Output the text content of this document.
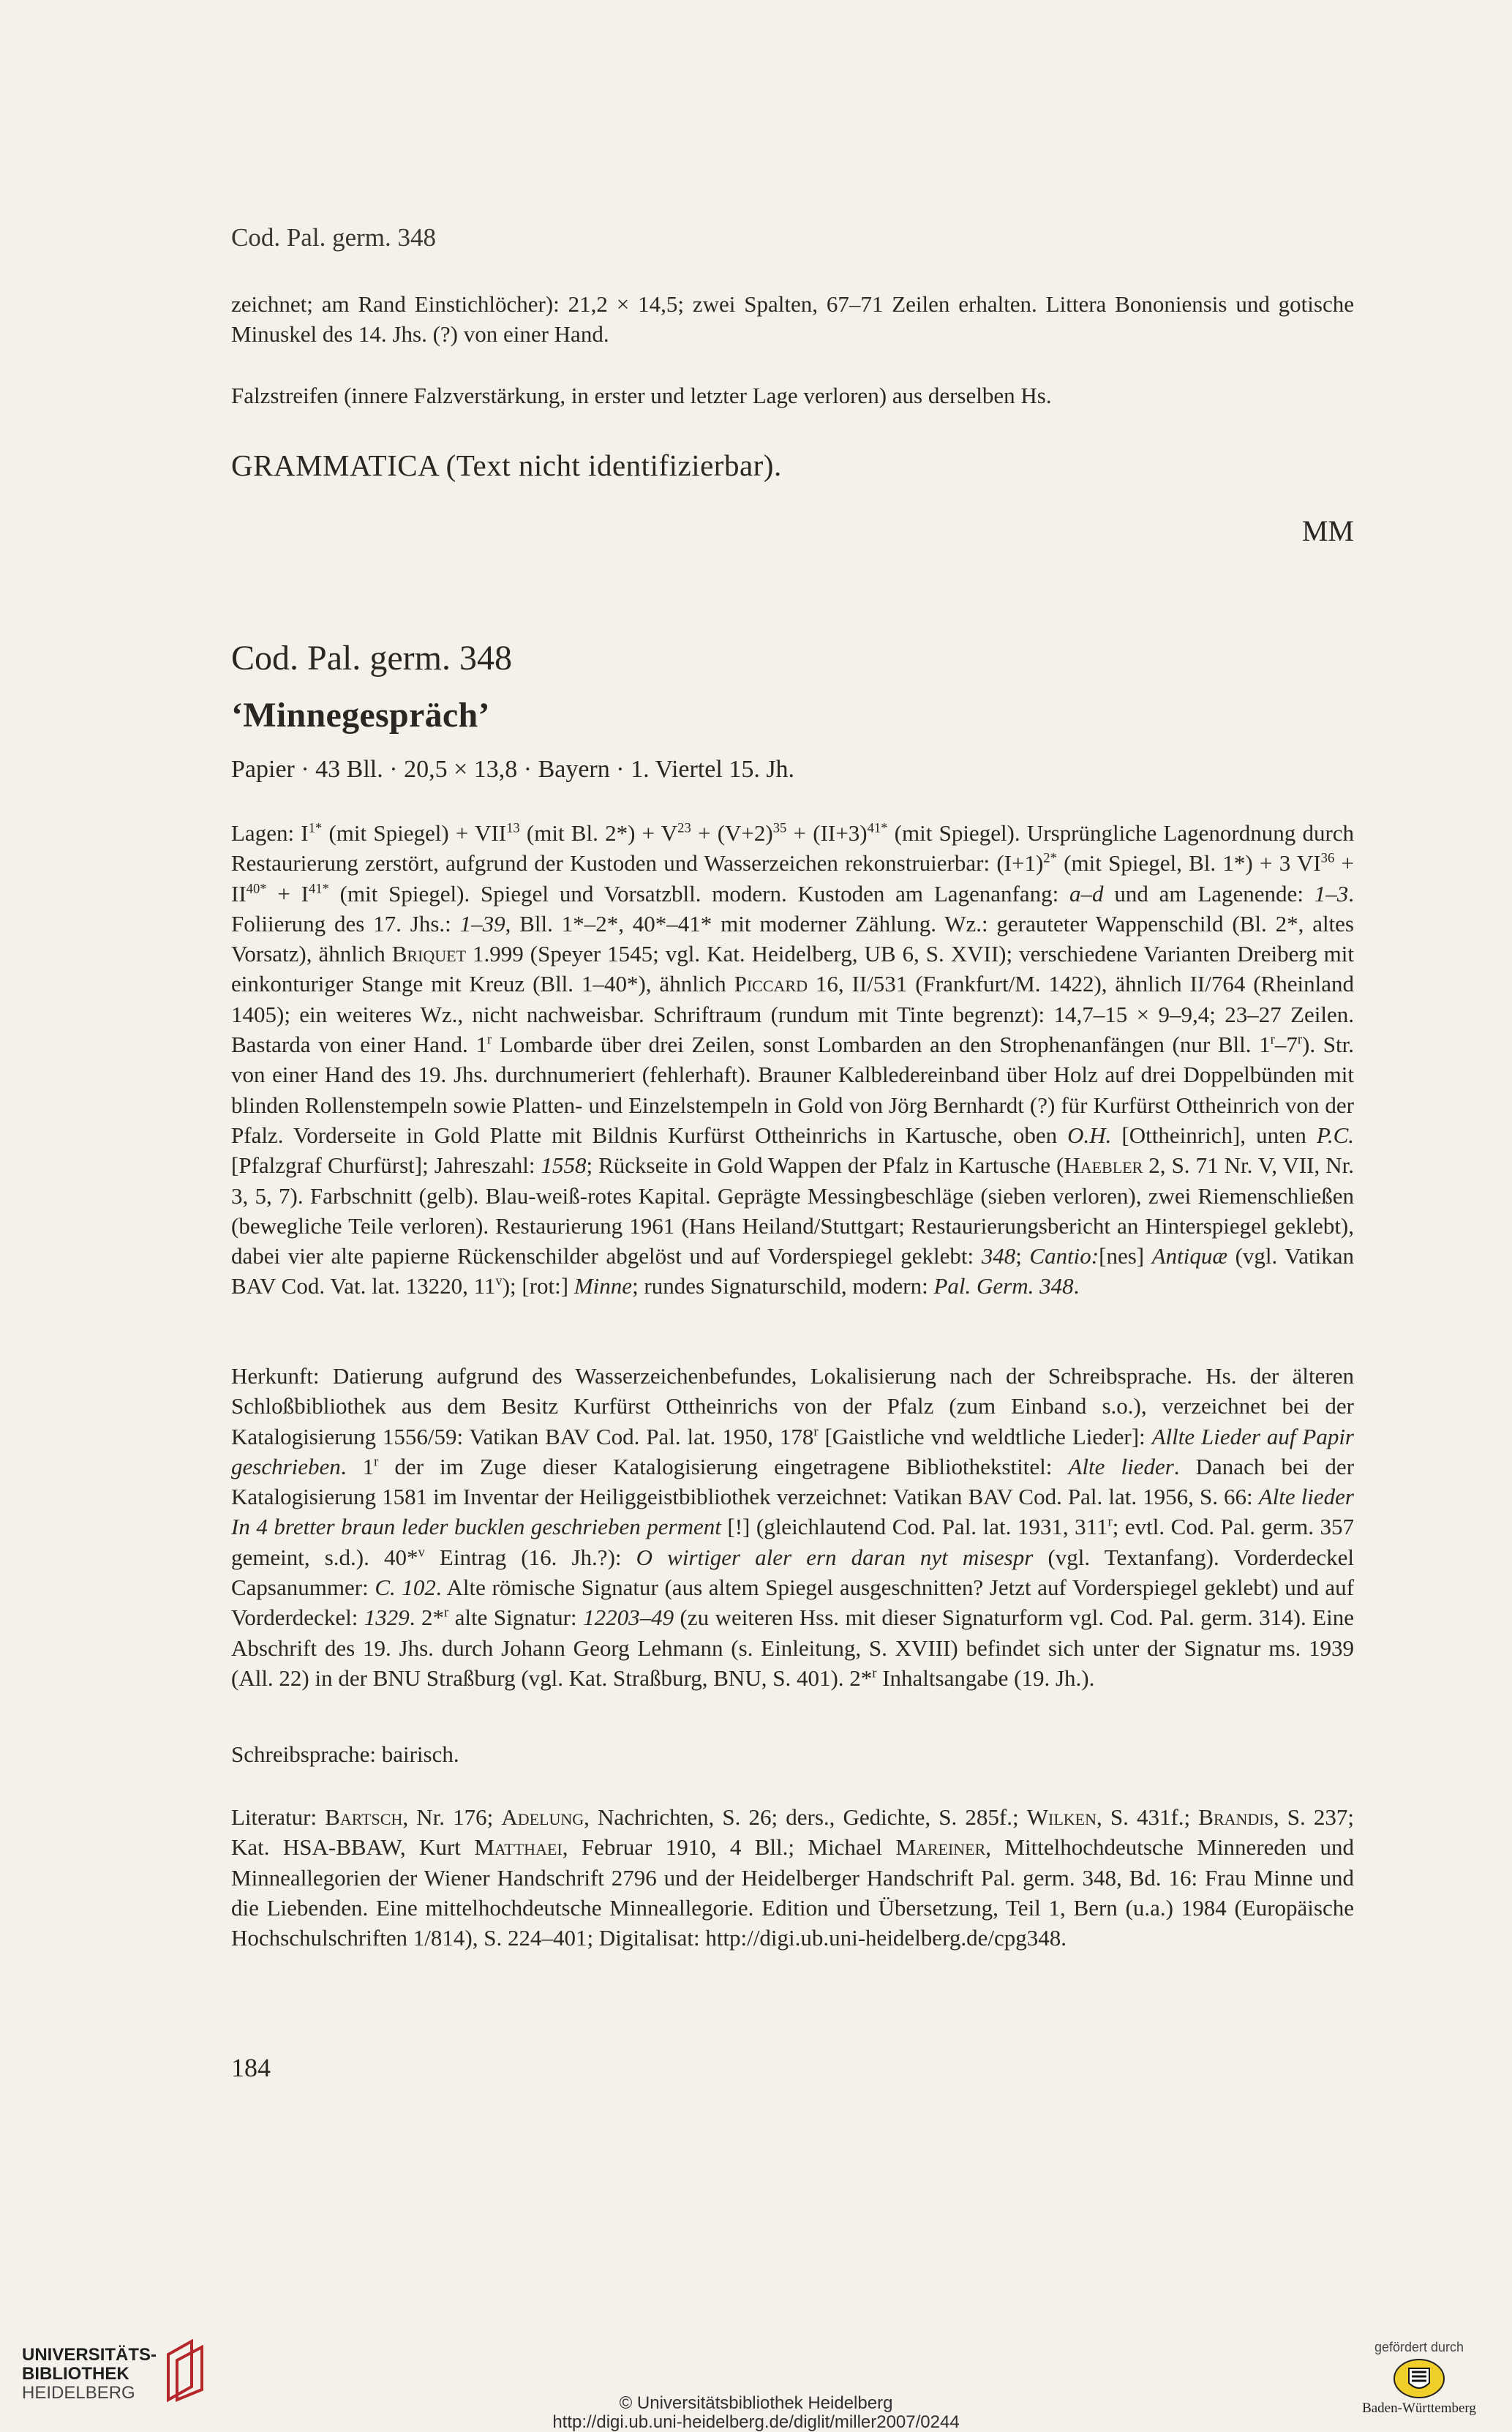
Cod. Pal. germ. 348

zeichnet; am Rand Einstichlöcher): 21,2 × 14,5; zwei Spalten, 67–71 Zeilen erhalten. Littera Bononiensis und gotische Minuskel des 14. Jhs. (?) von einer Hand.

Falzstreifen (innere Falzverstärkung, in erster und letzter Lage verloren) aus derselben Hs.

GRAMMATICA (Text nicht identifizierbar).
MM
Cod. Pal. germ. 348
‘Minnegespräch’
Papier · 43 Bll. · 20,5 × 13,8 · Bayern · 1. Viertel 15. Jh.

Lagen: $I^{1*}$ (mit Spiegel) + $VII^{13}$ (mit Bl. $2*) + V^{23} + (V+2)^{35} + (II+3)^{41*}$ (mit Spiegel). Ursprüngliche Lagenordnung durch Restaurierung zerstört, aufgrund der Kustoden und Wasserzeichen rekonstruierbar: $(I+1)^{2*}$ (mit Spiegel, Bl. 1*) + 3 $VI^{36} + II^{40*} + I^{41*}$ (mit Spiegel). Spiegel und Vorsatzbll. modern. Kustoden am Lagenanfang: a–d und am Lagenende: 1–3. Foliierung des 17. Jhs.: 1–39, Bll. 1*–2*, 40*–41* mit moderner Zählung. Wz.: gerauteter Wappenschild (Bl. 2*, altes Vorsatz), ähnlich Briquet 1.999 (Speyer 1545; vgl. Kat. Heidelberg, UB 6, S. XVII); verschiedene Varianten Dreiberg mit einkonturiger Stange mit Kreuz (Bll. 1–40*), ähnlich Piccard 16, II/531 (Frankfurt/M. 1422), ähnlich II/764 (Rheinland 1405); ein weiteres Wz., nicht nachweisbar. Schriftraum (rundum mit Tinte begrenzt): 14,7–15 × 9–9,4; 23–27 Zeilen. Bastarda von einer Hand. 1$^r$ Lombarde über drei Zeilen, sonst Lombarden an den Strophenanfängen (nur Bll. 1$^r$–7$^r$). Str. von einer Hand des 19. Jhs. durchnumeriert (fehlerhaft). Brauner Kalbledereinband über Holz auf drei Doppelbünden mit blinden Rollenstempeln sowie Platten- und Einzelstempeln in Gold von Jörg Bernhardt (?) für Kurfürst Ottheinrich von der Pfalz. Vorderseite in Gold Platte mit Bildnis Kurfürst Ottheinrichs in Kartusche, oben O.H. [Ottheinrich], unten P.C. [Pfalzgraf Churfürst]; Jahreszahl: 1558; Rückseite in Gold Wappen der Pfalz in Kartusche (Haebler 2, S. 71 Nr. V, VII, Nr. 3, 5, 7). Farbschnitt (gelb). Blau-weiß-rotes Kapital. Geprägte Messingbeschläge (sieben verloren), zwei Riemenschließen (bewegliche Teile verloren). Restaurierung 1961 (Hans Heiland/Stuttgart; Restaurierungsbericht an Hinterspiegel geklebt), dabei vier alte papierne Rückenschilder abgelöst und auf Vorderspiegel geklebt: 348; Cantio:[nes] Antiquæ (vgl. Vatikan BAV Cod. Vat. lat. 13220, 11$^v$); [rot:] Minne; rundes Signaturschild, modern: Pal. Germ. 348.

Herkunft: Datierung aufgrund des Wasserzeichenbefundes, Lokalisierung nach der Schreibsprache. Hs. der älteren Schloßbibliothek aus dem Besitz Kurfürst Ottheinrichs von der Pfalz (zum Einband s.o.), verzeichnet bei der Katalogisierung 1556/59: Vatikan BAV Cod. Pal. lat. 1950, 178$^r$ [Gaistliche vnd weldtliche Lieder]: Allte Lieder auf Papir geschrieben. 1$^r$ der im Zuge dieser Katalogisierung eingetragene Bibliothekstitel: Alte lieder. Danach bei der Katalogisierung 1581 im Inventar der Heiliggeistbibliothek verzeichnet: Vatikan BAV Cod. Pal. lat. 1956, S. 66: Alte lieder In 4 bretter braun leder bucklen geschrieben perment [!] (gleichlautend Cod. Pal. lat. 1931, 311$^r$; evtl. Cod. Pal. germ. 357 gemeint, s.d.). 40*$^v$ Eintrag (16. Jh.?): O wirtiger aler ern daran nyt misespr (vgl. Textanfang). Vorderdeckel Capsanummer: C. 102. Alte römische Signatur (aus altem Spiegel ausgeschnitten? Jetzt auf Vorderspiegel geklebt) und auf Vorderdeckel: 1329. 2*$^r$ alte Signatur: 12203–49 (zu weiteren Hss. mit dieser Signaturform vgl. Cod. Pal. germ. 314). Eine Abschrift des 19. Jhs. durch Johann Georg Lehmann (s. Einleitung, S. XVIII) befindet sich unter der Signatur ms. 1939 (All. 22) in der BNU Straßburg (vgl. Kat. Straßburg, BNU, S. 401). 2*$^r$ Inhaltsangabe (19. Jh.).

Schreibsprache: bairisch.

Literatur: Bartsch, Nr. 176; Adelung, Nachrichten, S. 26; ders., Gedichte, S. 285f.; Wilken, S. 431f.; Brandis, S. 237; Kat. HSA-BBAW, Kurt Matthaei, Februar 1910, 4 Bll.; Michael Mareiner, Mittelhochdeutsche Minnereden und Minneallegorien der Wiener Handschrift 2796 und der Heidelberger Handschrift Pal. germ. 348, Bd. 16: Frau Minne und die Liebenden. Eine mittelhochdeutsche Minneallegorie. Edition und Übersetzung, Teil 1, Bern (u.a.) 1984 (Europäische Hochschulschriften 1/814), S. 224–401; Digitalisat: http://digi.ub.uni-heidelberg.de/cpg348.

184
UNIVERSITÄTS-
BIBLIOTHEK
HEIDELBERG
© Universitätsbibliothek Heidelberg
http://digi.ub.uni-heidelberg.de/diglit/miller2007/0244
gefördert durch
Baden-Württemberg
